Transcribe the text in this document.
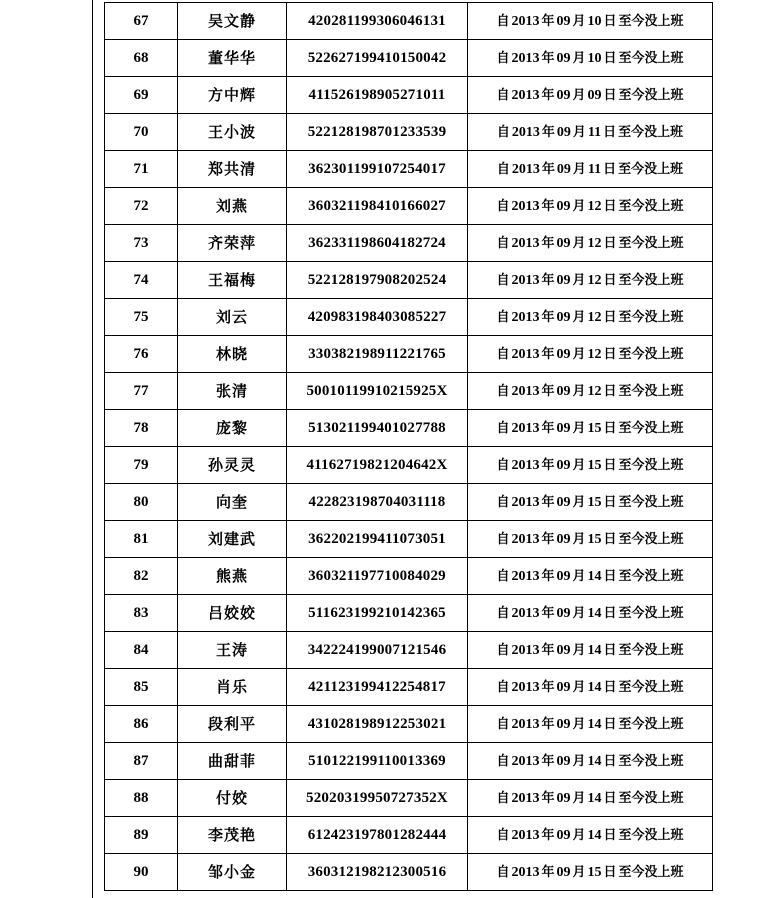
67	吴文静	420281199306046131	自 2013 年 09 月 10 日 至今没上班
68	董华华	522627199410150042	自 2013 年 09 月 10 日 至今没上班
69	方中辉	411526198905271011	自 2013 年 09 月 09 日 至今没上班
70	王小波	522128198701233539	自 2013 年 09 月 11 日 至今没上班
71	郑共清	362301199107254017	自 2013 年 09 月 11 日 至今没上班
72	刘燕	360321198410166027	自 2013 年 09 月 12 日 至今没上班
73	齐荣萍	362331198604182724	自 2013 年 09 月 12 日 至今没上班
74	王福梅	522128197908202524	自 2013 年 09 月 12 日 至今没上班
75	刘云	420983198403085227	自 2013 年 09 月 12 日 至今没上班
76	林晓	330382198911221765	自 2013 年 09 月 12 日 至今没上班
77	张清	50010119910215925X	自 2013 年 09 月 12 日 至今没上班
78	庞黎	513021199401027788	自 2013 年 09 月 15 日 至今没上班
79	孙灵灵	41162719821204642X	自 2013 年 09 月 15 日 至今没上班
80	向奎	422823198704031118	自 2013 年 09 月 15 日 至今没上班
81	刘建武	362202199411073051	自 2013 年 09 月 15 日 至今没上班
82	熊燕	360321197710084029	自 2013 年 09 月 14 日 至今没上班
83	吕姣姣	511623199210142365	自 2013 年 09 月 14 日 至今没上班
84	王涛	342224199007121546	自 2013 年 09 月 14 日 至今没上班
85	肖乐	421123199412254817	自 2013 年 09 月 14 日 至今没上班
86	段利平	431028198912253021	自 2013 年 09 月 14 日 至今没上班
87	曲甜菲	510122199110013369	自 2013 年 09 月 14 日 至今没上班
88	付姣	52020319950727352X	自 2013 年 09 月 14 日 至今没上班
89	李茂艳	612423197801282444	自 2013 年 09 月 14 日 至今没上班
90	邹小金	360312198212300516	自 2013 年 09 月 15 日 至今没上班
